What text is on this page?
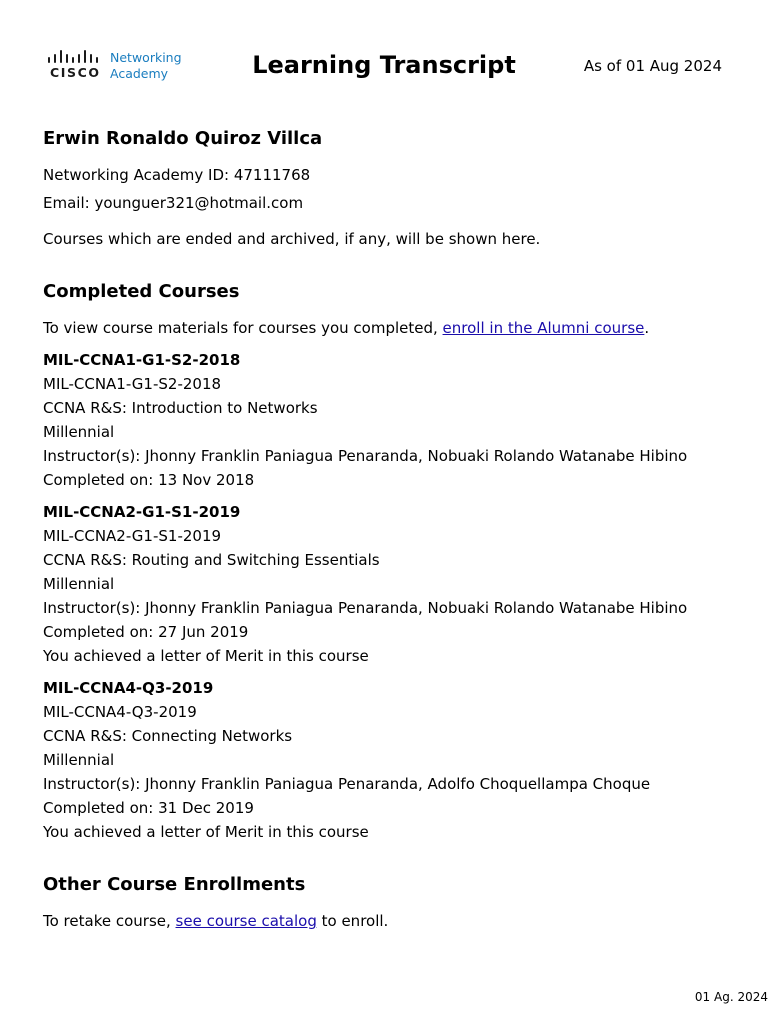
CISCO
Networking
Academy	Learning Transcript	As of 01 Aug 2024
Erwin Ronaldo Quiroz Villca

Networking Academy ID: 47111768

Email: younguer321@hotmail.com

Courses which are ended and archived, if any, will be shown here.

Completed Courses

To view course materials for courses you completed, enroll in the Alumni course.

MIL-CCNA1-G1-S2-2018
MIL-CCNA1-G1-S2-2018
CCNA R&S: Introduction to Networks
Millennial
Instructor(s): Jhonny Franklin Paniagua Penaranda, Nobuaki Rolando Watanabe Hibino
Completed on: 13 Nov 2018
MIL-CCNA2-G1-S1-2019
MIL-CCNA2-G1-S1-2019
CCNA R&S: Routing and Switching Essentials
Millennial
Instructor(s): Jhonny Franklin Paniagua Penaranda, Nobuaki Rolando Watanabe Hibino
Completed on: 27 Jun 2019
You achieved a letter of Merit in this course
MIL-CCNA4-Q3-2019
MIL-CCNA4-Q3-2019
CCNA R&S: Connecting Networks
Millennial
Instructor(s): Jhonny Franklin Paniagua Penaranda, Adolfo Choquellampa Choque
Completed on: 31 Dec 2019
You achieved a letter of Merit in this course
Other Course Enrollments

To retake course, see course catalog to enroll.

01 Ag. 2024
